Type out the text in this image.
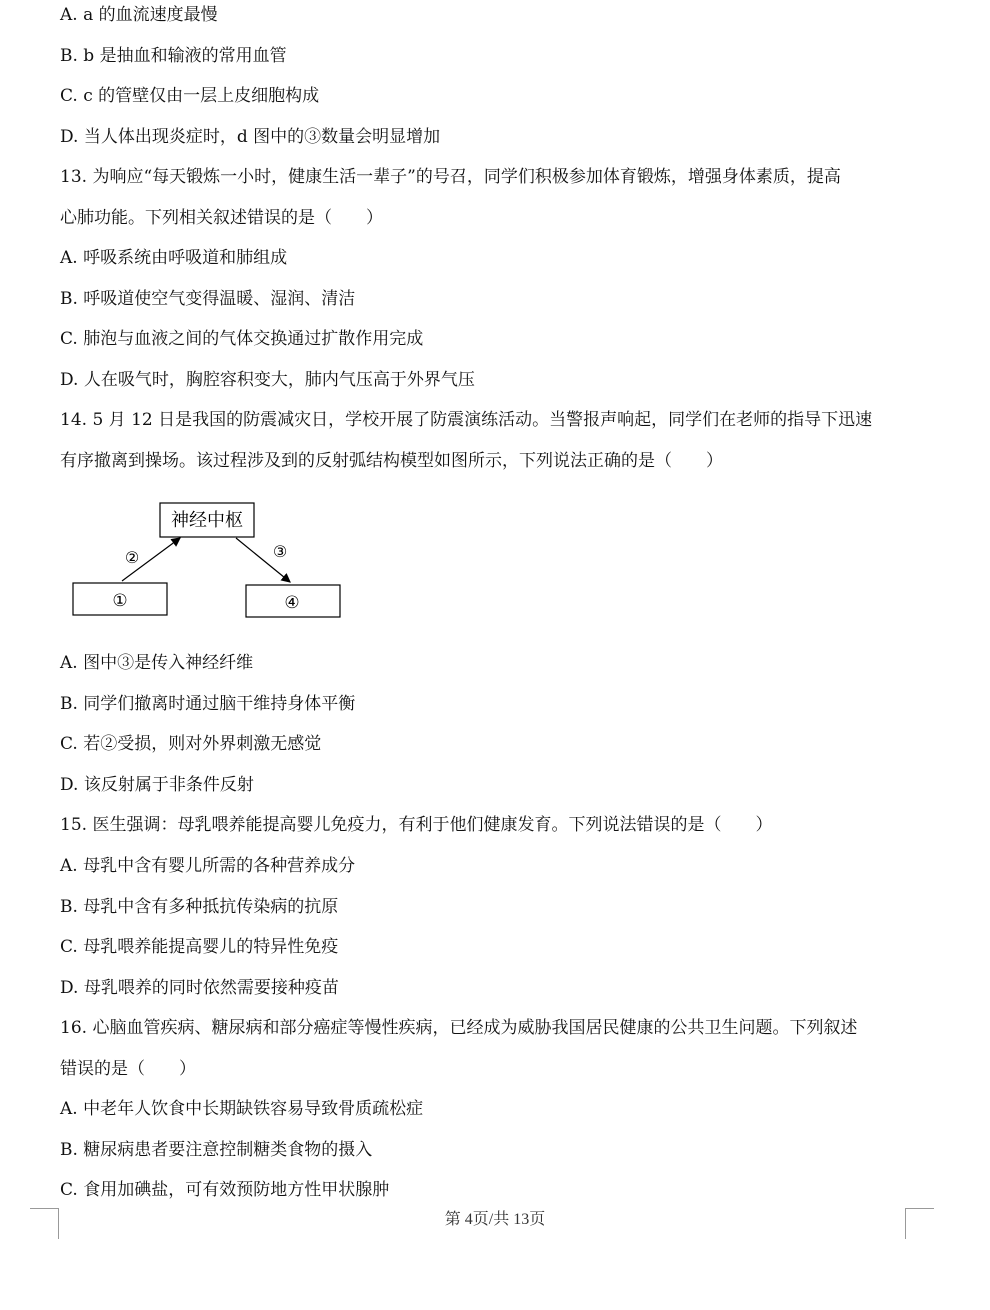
A. a 的血流速度最慢
B. b 是抽血和输液的常用血管
C. c 的管壁仅由一层上皮细胞构成
D. 当人体出现炎症时，d 图中的③数量会明显增加
13. 为响应“每天锻炼一小时，健康生活一辈子”的号召，同学们积极参加体育锻炼，增强身体素质，提高
心肺功能。下列相关叙述错误的是（　　）
A. 呼吸系统由呼吸道和肺组成
B. 呼吸道使空气变得温暖、湿润、清洁
C. 肺泡与血液之间的气体交换通过扩散作用完成
D. 人在吸气时，胸腔容积变大，肺内气压高于外界气压
14. 5 月 12 日是我国的防震减灾日，学校开展了防震演练活动。当警报声响起，同学们在老师的指导下迅速
有序撤离到操场。该过程涉及到的反射弧结构模型如图所示，下列说法正确的是（　　）
神经中枢
①	④
②	③
A. 图中③是传入神经纤维
B. 同学们撤离时通过脑干维持身体平衡
C. 若②受损，则对外界刺激无感觉
D. 该反射属于非条件反射
15. 医生强调：母乳喂养能提高婴儿免疫力，有利于他们健康发育。下列说法错误的是（　　）
A. 母乳中含有婴儿所需的各种营养成分
B. 母乳中含有多种抵抗传染病的抗原
C. 母乳喂养能提高婴儿的特异性免疫
D. 母乳喂养的同时依然需要接种疫苗
16. 心脑血管疾病、糖尿病和部分癌症等慢性疾病，已经成为威胁我国居民健康的公共卫生问题。下列叙述
错误的是（　　）
A. 中老年人饮食中长期缺铁容易导致骨质疏松症
B. 糖尿病患者要注意控制糖类食物的摄入
C. 食用加碘盐，可有效预防地方性甲状腺肿
第 4页/共 13页
